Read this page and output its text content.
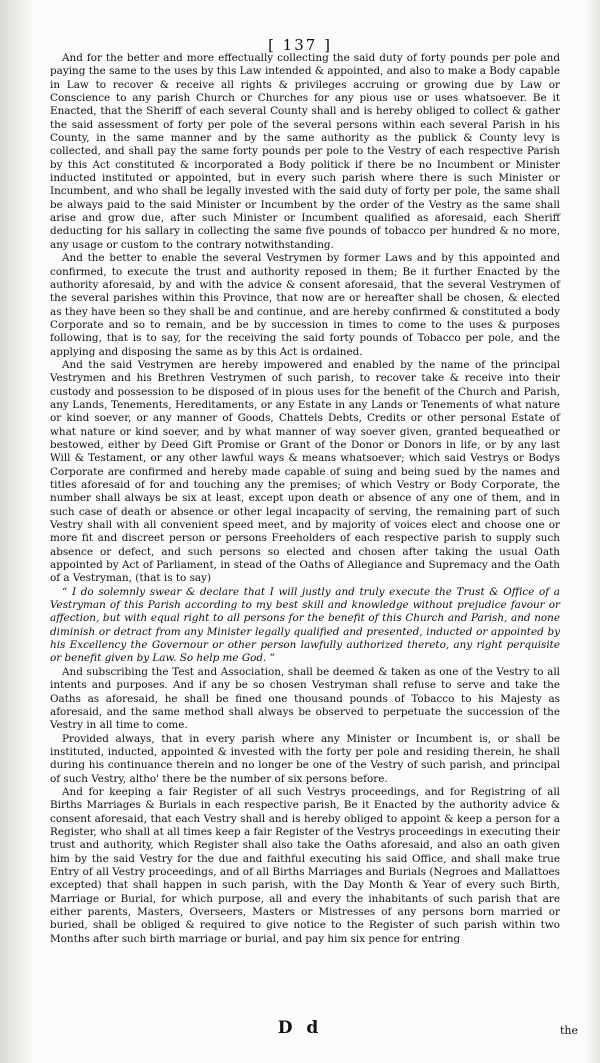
[ 137 ]

And for the better and more effectually collecting the said duty of forty pounds per pole and paying the same to the uses by this Law intended & appointed, and also to make a Body capable in Law to recover & receive all rights & privileges accruing or growing due by Law or Conscience to any parish Church or Churches for any pious use or uses whatsoever. Be it Enacted, that the Sheriff of each several County shall and is hereby obliged to collect & gather the said assessment of forty per pole of the several persons within each several Parish in his County, in the same manner and by the same authority as the publick & County levy is collected, and shall pay the same forty pounds per pole to the Vestry of each respective Parish by this Act constituted & incorporated a Body politick if there be no Incumbent or Minister inducted instituted or appointed, but in every such parish where there is such Minister or Incumbent, and who shall be legally invested with the said duty of forty per pole, the same shall be always paid to the said Minister or Incumbent by the order of the Vestry as the same shall arise and grow due, after such Minister or Incumbent qualified as aforesaid, each Sheriff deducting for his sallary in collecting the same five pounds of tobacco per hundred & no more, any usage or custom to the contrary notwithstanding.

And the better to enable the several Vestrymen by former Laws and by this appointed and confirmed, to execute the trust and authority reposed in them; Be it further Enacted by the authority aforesaid, by and with the advice & consent aforesaid, that the several Vestrymen of the several parishes within this Province, that now are or hereafter shall be chosen, & elected as they have been so they shall be and continue, and are hereby confirmed & constituted a body Corporate and so to remain, and be by succession in times to come to the uses & purposes following, that is to say, for the receiving the said forty pounds of Tobacco per pole, and the applying and disposing the same as by this Act is ordained.

And the said Vestrymen are hereby impowered and enabled by the name of the principal Vestrymen and his Brethren Vestrymen of such parish, to recover take & receive into their custody and possession to be disposed of in pious uses for the benefit of the Church and Parish, any Lands, Tenements, Hereditaments, or any Estate in any Lands or Tenements of what nature or kind soever, or any manner of Goods, Chattels Debts, Credits or other personal Estate of what nature or kind soever, and by what manner of way soever given, granted bequeathed or bestowed, either by Deed Gift Promise or Grant of the Donor or Donors in life, or by any last Will & Testament, or any other lawful ways & means whatsoever; which said Vestrys or Bodys Corporate are confirmed and hereby made capable of suing and being sued by the names and titles aforesaid of for and touching any the premises; of which Vestry or Body Corporate, the number shall always be six at least, except upon death or absence of any one of them, and in such case of death or absence or other legal incapacity of serving, the remaining part of such Vestry shall with all convenient speed meet, and by majority of voices elect and choose one or more fit and discreet person or persons Freeholders of each respective parish to supply such absence or defect, and such persons so elected and chosen after taking the usual Oath appointed by Act of Parliament, in stead of the Oaths of Allegiance and Supremacy and the Oath of a Vestryman, (that is to say)

“ I do solemnly swear & declare that I will justly and truly execute the Trust & Office of a Vestryman of this Parish according to my best skill and knowledge without prejudice favour or affection, but with equal right to all persons for the benefit of this Church and Parish, and none diminish or detract from any Minister legally qualified and presented, inducted or appointed by his Excellency the Governour or other person lawfully authorized thereto, any right perquisite or benefit given by Law. So help me God. ”

And subscribing the Test and Association, shall be deemed & taken as one of the Vestry to all intents and purposes. And if any be so chosen Vestryman shall refuse to serve and take the Oaths as aforesaid, he shall be fined one thousand pounds of Tobacco to his Majesty as aforesaid, and the same method shall always be observed to perpetuate the succession of the Vestry in all time to come.

Provided always, that in every parish where any Minister or Incumbent is, or shall be instituted, inducted, appointed & invested with the forty per pole and residing therein, he shall during his continuance therein and no longer be one of the Vestry of such parish, and principal of such Vestry, altho' there be the number of six persons before.

And for keeping a fair Register of all such Vestrys proceedings, and for Registring of all Births Marriages & Burials in each respective parish, Be it Enacted by the authority advice & consent aforesaid, that each Vestry shall and is hereby obliged to appoint & keep a person for a Register, who shall at all times keep a fair Register of the Vestrys proceedings in executing their trust and authority, which Register shall also take the Oaths aforesaid, and also an oath given him by the said Vestry for the due and faithful executing his said Office, and shall make true Entry of all Vestry proceedings, and of all Births Marriages and Burials (Negroes and Mallattoes excepted) that shall happen in such parish, with the Day Month & Year of every such Birth, Marriage or Burial, for which purpose, all and every the inhabitants of such parish that are either parents, Masters, Overseers, Masters or Mistresses of any persons born married or buried, shall be obliged & required to give notice to the Register of such parish within two Months after such birth marriage or burial, and pay him six pence for entring

D d	the
